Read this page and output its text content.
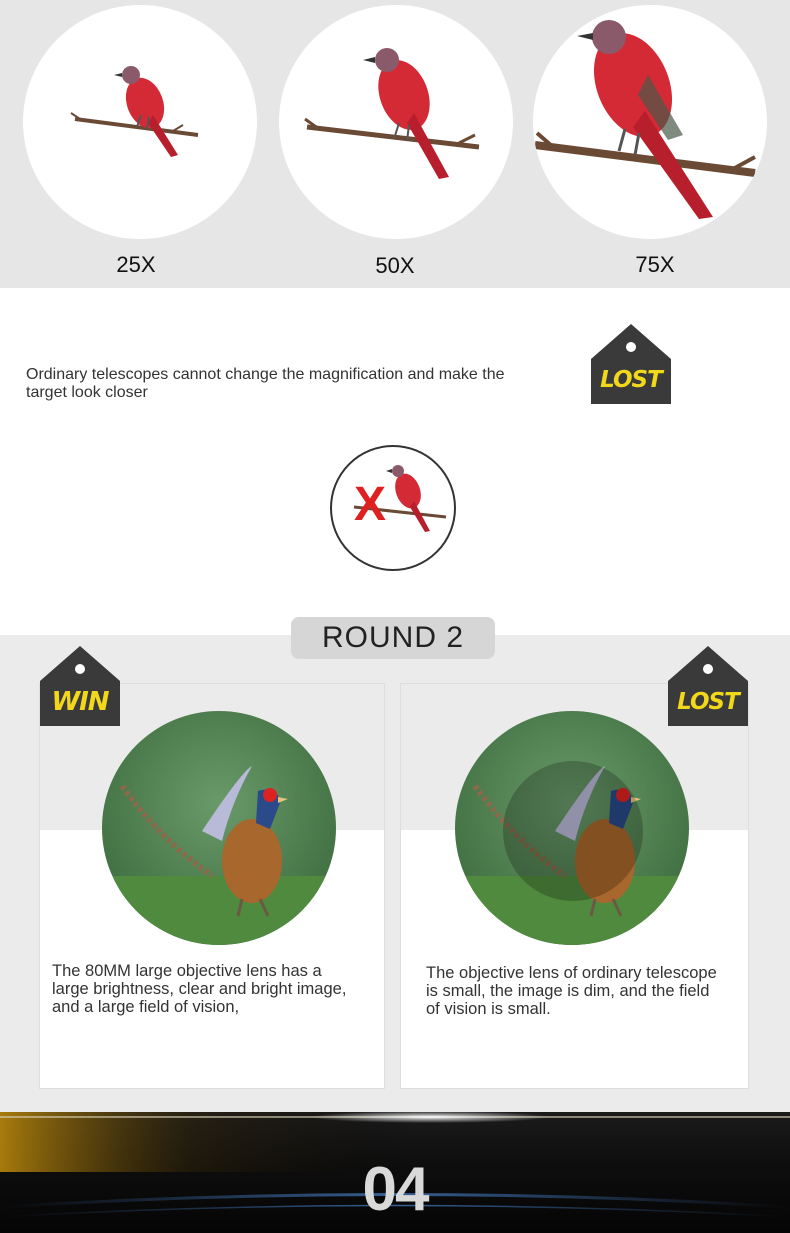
25X	50X	75X
Ordinary telescopes cannot change the magnification and make the target look closer	LOST
X
ROUND 2
The 80MM large objective lens has a
large brightness, clear and bright image,
and a large field of vision,
The objective lens of ordinary telescope
is small, the image is dim, and the field
of vision is small.
WIN	LOST
04
